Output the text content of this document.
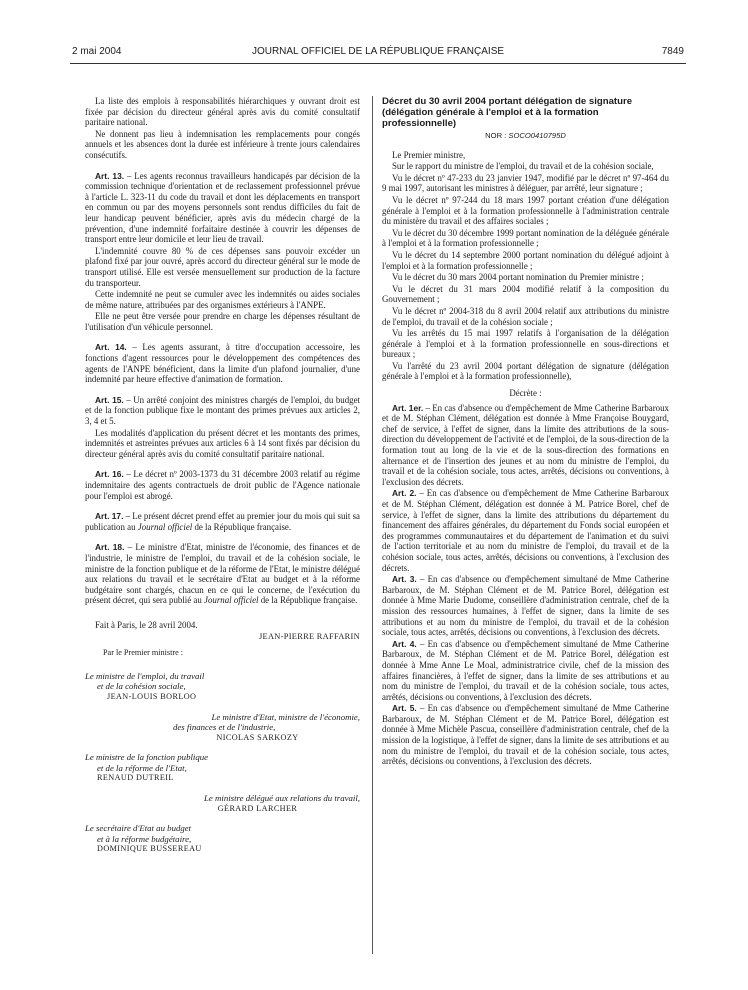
2 mai 2004	JOURNAL OFFICIEL DE LA RÉPUBLIQUE FRANÇAISE	7849

La liste des emplois à responsabilités hiérarchiques y ouvrant droit est fixée par décision du directeur général après avis du comité consultatif paritaire national.

Ne donnent pas lieu à indemnisation les remplacements pour congés annuels et les absences dont la durée est inférieure à trente jours calendaires consécutifs.

Art. 13. – Les agents reconnus travailleurs handicapés par décision de la commission technique d'orientation et de reclassement professionnel prévue à l'article L. 323-11 du code du travail et dont les déplacements en transport en commun ou par des moyens personnels sont rendus difficiles du fait de leur handicap peuvent bénéficier, après avis du médecin chargé de la prévention, d'une indemnité forfaitaire destinée à couvrir les dépenses de transport entre leur domicile et leur lieu de travail.

L'indemnité couvre 80 % de ces dépenses sans pouvoir excéder un plafond fixé par jour ouvré, après accord du directeur général sur le mode de transport utilisé. Elle est versée mensuellement sur production de la facture du transporteur.

Cette indemnité ne peut se cumuler avec les indemnités ou aides sociales de même nature, attribuées par des organismes extérieurs à l'ANPE.

Elle ne peut être versée pour prendre en charge les dépenses résultant de l'utilisation d'un véhicule personnel.

Art. 14. – Les agents assurant, à titre d'occupation accessoire, les fonctions d'agent ressources pour le développement des compétences des agents de l'ANPE bénéficient, dans la limite d'un plafond journalier, d'une indemnité par heure effective d'animation de formation.

Art. 15. – Un arrêté conjoint des ministres chargés de l'emploi, du budget et de la fonction publique fixe le montant des primes prévues aux articles 2, 3, 4 et 5.

Les modalités d'application du présent décret et les montants des primes, indemnités et astreintes prévues aux articles 6 à 14 sont fixés par décision du directeur général après avis du comité consultatif paritaire national.

Art. 16. – Le décret nº 2003-1373 du 31 décembre 2003 relatif au régime indemnitaire des agents contractuels de droit public de l'Agence nationale pour l'emploi est abrogé.

Art. 17. – Le présent décret prend effet au premier jour du mois qui suit sa publication au Journal officiel de la République française.

Art. 18. – Le ministre d'Etat, ministre de l'économie, des finances et de l'industrie, le ministre de l'emploi, du travail et de la cohésion sociale, le ministre de la fonction publique et de la réforme de l'Etat, le ministre délégué aux relations du travail et le secrétaire d'Etat au budget et à la réforme budgétaire sont chargés, chacun en ce qui le concerne, de l'exécution du présent décret, qui sera publié au Journal officiel de la République française.

Fait à Paris, le 28 avril 2004.

JEAN-PIERRE RAFFARIN
Par le Premier ministre :
Le ministre de l'emploi, du travail
et de la cohésion sociale,
JEAN-LOUIS BORLOO
Le ministre d'Etat, ministre de l'économie,
des finances et de l'industrie,
NICOLAS SARKOZY
Le ministre de la fonction publique
et de la réforme de l'Etat,
RENAUD DUTREIL
Le ministre délégué aux relations du travail,
GÉRARD LARCHER
Le secrétaire d'Etat au budget
et à la réforme budgétaire,
DOMINIQUE BUSSEREAU
Décret du 30 avril 2004 portant délégation de signature (délégation générale à l'emploi et à la formation professionnelle)
NOR : SOCO0410795D

Le Premier ministre,

Sur le rapport du ministre de l'emploi, du travail et de la cohésion sociale,

Vu le décret nº 47-233 du 23 janvier 1947, modifié par le décret nº 97-464 du 9 mai 1997, autorisant les ministres à déléguer, par arrêté, leur signature ;

Vu le décret nº 97-244 du 18 mars 1997 portant création d'une délégation générale à l'emploi et à la formation professionnelle à l'administration centrale du ministère du travail et des affaires sociales ;

Vu le décret du 30 décembre 1999 portant nomination de la déléguée générale à l'emploi et à la formation professionnelle ;

Vu le décret du 14 septembre 2000 portant nomination du délégué adjoint à l'emploi et à la formation professionnelle ;

Vu le décret du 30 mars 2004 portant nomination du Premier ministre ;

Vu le décret du 31 mars 2004 modifié relatif à la composition du Gouvernement ;

Vu le décret nº 2004-318 du 8 avril 2004 relatif aux attributions du ministre de l'emploi, du travail et de la cohésion sociale ;

Vu les arrêtés du 15 mai 1997 relatifs à l'organisation de la délégation générale à l'emploi et à la formation professionnelle en sous-directions et bureaux ;

Vu l'arrêté du 23 avril 2004 portant délégation de signature (délégation générale à l'emploi et à la formation professionnelle),

Décrète :

Art. 1er. – En cas d'absence ou d'empêchement de Mme Catherine Barbaroux et de M. Stéphan Clément, délégation est donnée à Mme Françoise Bouygard, chef de service, à l'effet de signer, dans la limite des attributions de la sous-direction du développement de l'activité et de l'emploi, de la sous-direction de la formation tout au long de la vie et de la sous-direction des formations en alternance et de l'insertion des jeunes et au nom du ministre de l'emploi, du travail et de la cohésion sociale, tous actes, arrêtés, décisions ou conventions, à l'exclusion des décrets.

Art. 2. – En cas d'absence ou d'empêchement de Mme Catherine Barbaroux et de M. Stéphan Clément, délégation est donnée à M. Patrice Borel, chef de service, à l'effet de signer, dans la limite des attributions du département du financement des affaires générales, du département du Fonds social européen et des programmes communautaires et du département de l'animation et du suivi de l'action territoriale et au nom du ministre de l'emploi, du travail et de la cohésion sociale, tous actes, arrêtés, décisions ou conventions, à l'exclusion des décrets.

Art. 3. – En cas d'absence ou d'empêchement simultané de Mme Catherine Barbaroux, de M. Stéphan Clément et de M. Patrice Borel, délégation est donnée à Mme Marie Dudome, conseillère d'administration centrale, chef de la mission des ressources humaines, à l'effet de signer, dans la limite de ses attributions et au nom du ministre de l'emploi, du travail et de la cohésion sociale, tous actes, arrêtés, décisions ou conventions, à l'exclusion des décrets.

Art. 4. – En cas d'absence ou d'empêchement simultané de Mme Catherine Barbaroux, de M. Stéphan Clément et de M. Patrice Borel, délégation est donnée à Mme Anne Le Moal, administratrice civile, chef de la mission des affaires financières, à l'effet de signer, dans la limite de ses attributions et au nom du ministre de l'emploi, du travail et de la cohésion sociale, tous actes, arrêtés, décisions ou conventions, à l'exclusion des décrets.

Art. 5. – En cas d'absence ou d'empêchement simultané de Mme Catherine Barbaroux, de M. Stéphan Clément et de M. Patrice Borel, délégation est donnée à Mme Michèle Pascua, conseillère d'administration centrale, chef de la mission de la logistique, à l'effet de signer, dans la limite de ses attributions et au nom du ministre de l'emploi, du travail et de la cohésion sociale, tous actes, arrêtés, décisions ou conventions, à l'exclusion des décrets.
